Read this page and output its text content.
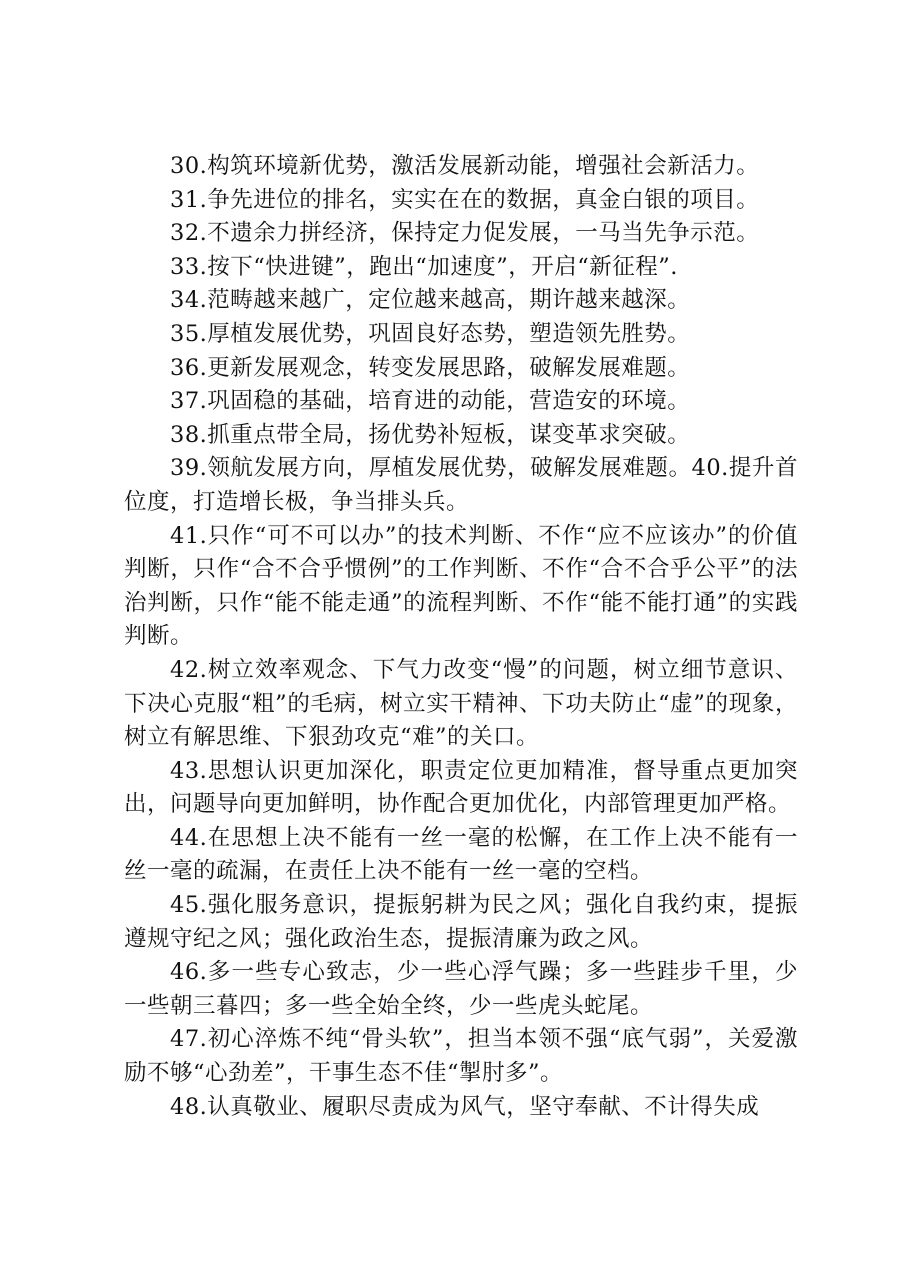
30.构筑环境新优势，激活发展新动能，增强社会新活力。

31.争先进位的排名，实实在在的数据，真金白银的项目。

32.不遗余力拼经济，保持定力促发展，一马当先争示范。

33.按下“快进键”，跑出“加速度”，开启“新征程”.

34.范畴越来越广，定位越来越高，期许越来越深。

35.厚植发展优势，巩固良好态势，塑造领先胜势。

36.更新发展观念，转变发展思路，破解发展难题。

37.巩固稳的基础，培育进的动能，营造安的环境。

38.抓重点带全局，扬优势补短板，谋变革求突破。

39.领航发展方向，厚植发展优势，破解发展难题。40.提升首位度，打造增长极，争当排头兵。

41.只作“可不可以办”的技术判断、不作“应不应该办”的价值判断，只作“合不合乎惯例”的工作判断、不作“合不合乎公平”的法治判断，只作“能不能走通”的流程判断、不作“能不能打通”的实践判断。

42.树立效率观念、下气力改变“慢”的问题，树立细节意识、下决心克服“粗”的毛病，树立实干精神、下功夫防止“虚”的现象，树立有解思维、下狠劲攻克“难”的关口。

43.思想认识更加深化，职责定位更加精准，督导重点更加突出，问题导向更加鲜明，协作配合更加优化，内部管理更加严格。

44.在思想上决不能有一丝一毫的松懈，在工作上决不能有一丝一毫的疏漏，在责任上决不能有一丝一毫的空档。

45.强化服务意识，提振躬耕为民之风；强化自我约束，提振遵规守纪之风；强化政治生态，提振清廉为政之风。

46.多一些专心致志，少一些心浮气躁；多一些跬步千里，少一些朝三暮四；多一些全始全终，少一些虎头蛇尾。

47.初心淬炼不纯“骨头软”，担当本领不强“底气弱”，关爱激励不够“心劲差”，干事生态不佳“掣肘多”。

48.认真敬业、履职尽责成为风气，坚守奉献、不计得失成
